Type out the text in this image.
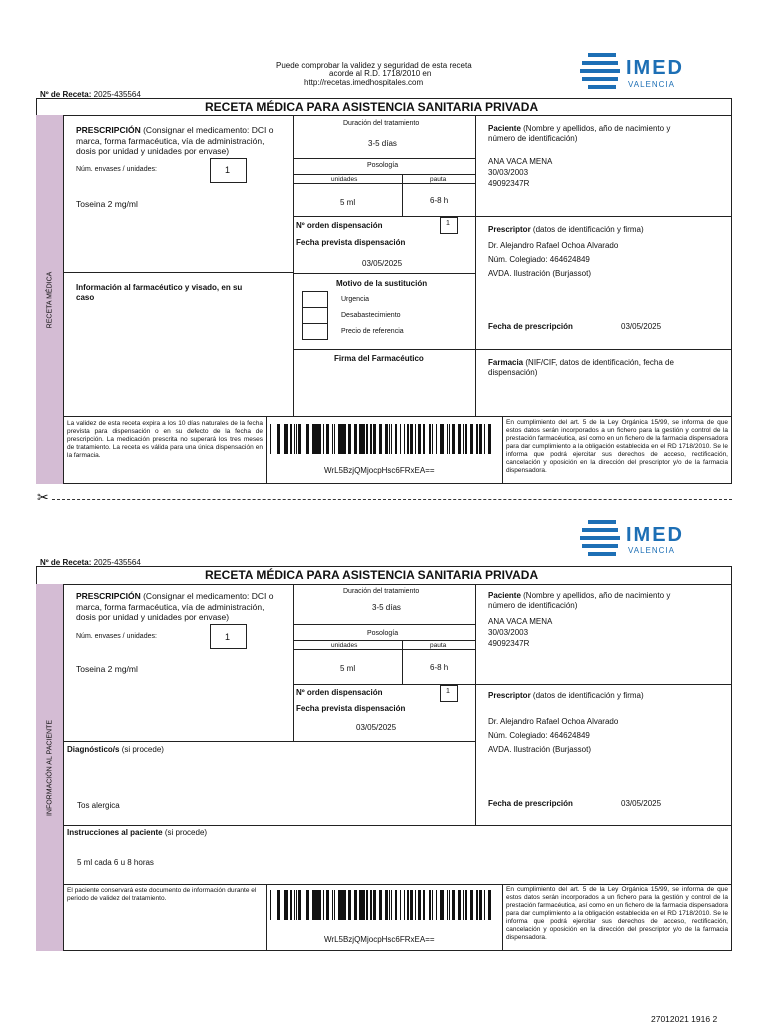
Puede comprobar la validez y seguridad de esta receta
acorde al R.D. 1718/2010 en
http://recetas.imedhospitales.com
IMED
VALENCIA
Nº de Receta: 2025-435564
RECETA MÉDICA PARA ASISTENCIA SANITARIA PRIVADA
RECETA MÉDICA
PRESCRIPCIÓN (Consignar el medicamento: DCI o
marca, forma farmacéutica, vía de administración,
dosis por unidad y unidades por envase)
Núm. envases / unidades:	1
Toseina 2 mg/ml
Duración del tratamiento
3-5 días
Posología
unidades	pauta
5 ml	6-8 h
Nº orden dispensación	1
Fecha prevista dispensación
03/05/2025
Paciente (Nombre y apellidos, año de nacimiento y
número de identificación)
ANA VACA MENA
30/03/2003
49092347R
Prescriptor (datos de identificación y firma)
Dr. Alejandro Rafael Ochoa Alvarado
Núm. Colegiado: 464624849
AVDA. Ilustración (Burjassot)
Fecha de prescripción	03/05/2025
Información al farmacéutico y visado, en su
caso
Motivo de la sustitución
Urgencia
Desabastecimiento
Precio de referencia
Firma del Farmacéutico	Farmacia (NIF/CIF, datos de identificación, fecha de
dispensación)
La validez de esta receta expira a los 10 días naturales de la fecha prevista para dispensación o en su defecto de la fecha de prescripción. La medicación prescrita no superará los tres meses de tratamiento. La receta es válida para una única dispensación en la farmacia.
WrL5BzjQMjocpHsc6FRxEA==
En cumplimiento del art. 5 de la Ley Orgánica 15/99, se informa de que estos datos serán incorporados a un fichero para la gestión y control de la prestación farmacéutica, así como en un fichero de la farmacia dispensadora para dar cumplimiento a la obligación establecida en el RD 1718/2010. Se le informa que podrá ejercitar sus derechos de acceso, rectificación, cancelación y oposición en la dirección del prescriptor y/o de la farmacia dispensadora.
✂
IMED
VALENCIA
Nº de Receta: 2025-435564
RECETA MÉDICA PARA ASISTENCIA SANITARIA PRIVADA
INFORMACIÓN AL PACIENTE
PRESCRIPCIÓN (Consignar el medicamento: DCI o
marca, forma farmacéutica, vía de administración,
dosis por unidad y unidades por envase)
Núm. envases / unidades:	1
Toseina 2 mg/ml
Duración del tratamiento
3-5 días
Posología
unidades	pauta
5 ml	6-8 h
Nº orden dispensación	1
Fecha prevista dispensación
03/05/2025
Paciente (Nombre y apellidos, año de nacimiento y
número de identificación)
ANA VACA MENA
30/03/2003
49092347R
Prescriptor (datos de identificación y firma)
Dr. Alejandro Rafael Ochoa Alvarado
Núm. Colegiado: 464624849
AVDA. Ilustración (Burjassot)
Fecha de prescripción	03/05/2025
Diagnóstico/s (si procede)
Tos alergica
Instrucciones al paciente (si procede)
5 ml cada 6 u 8 horas
El paciente conservará este documento de información durante el periodo de validez del tratamiento.
WrL5BzjQMjocpHsc6FRxEA==
En cumplimiento del art. 5 de la Ley Orgánica 15/99, se informa de que estos datos serán incorporados a un fichero para la gestión y control de la prestación farmacéutica, así como en un fichero de la farmacia dispensadora para dar cumplimiento a la obligación establecida en el RD 1718/2010. Se le informa que podrá ejercitar sus derechos de acceso, rectificación, cancelación y oposición en la dirección del prescriptor y/o de la farmacia dispensadora.
27012021 1916 2
